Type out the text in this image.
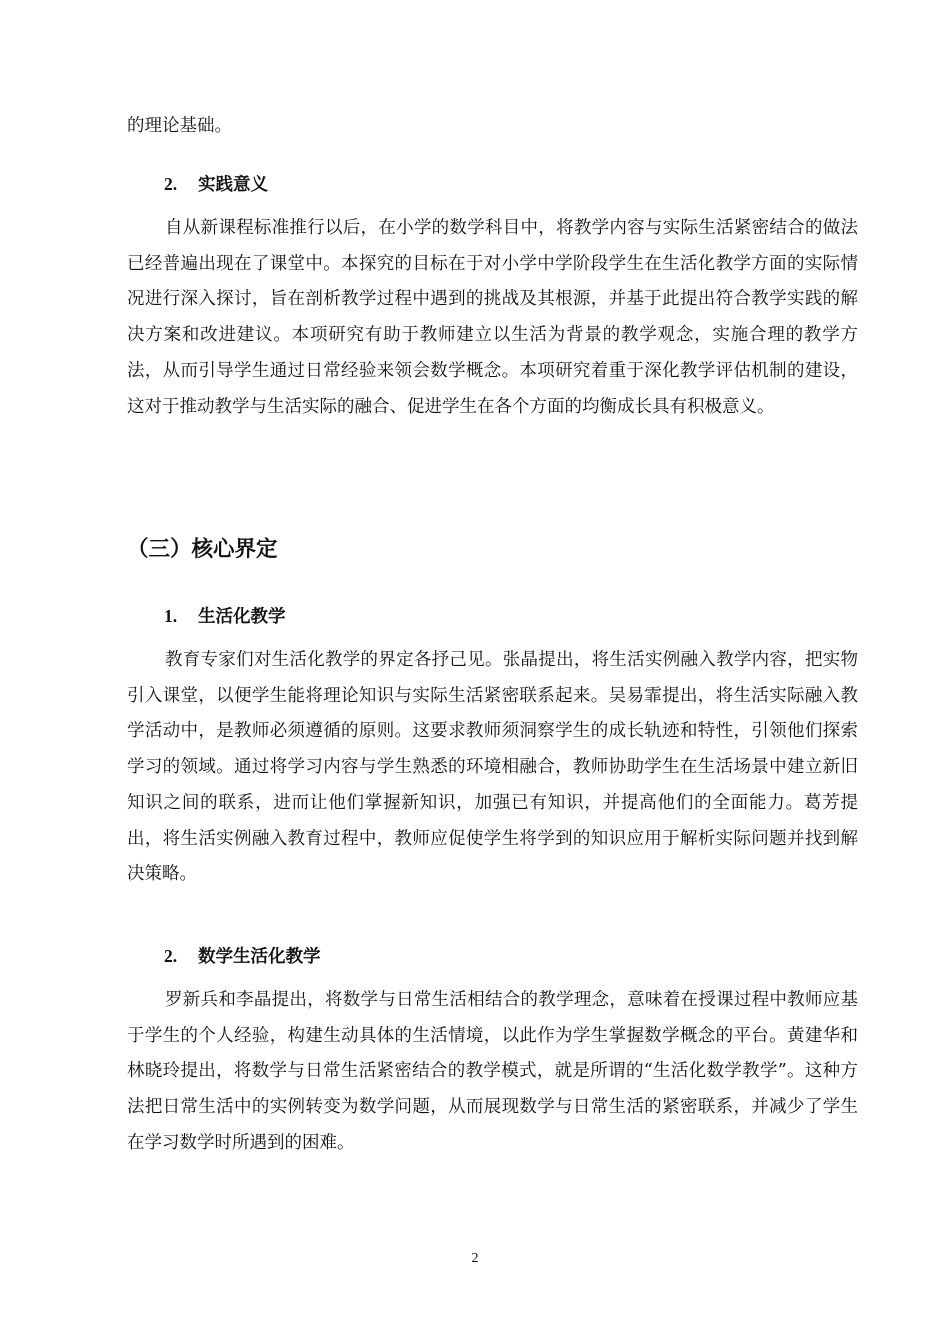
的理论基础。

2. 实践意义

自从新课程标准推行以后，在小学的数学科目中，将教学内容与实际生活紧密结合的做法已经普遍出现在了课堂中。本探究的目标在于对小学中学阶段学生在生活化教学方面的实际情况进行深入探讨，旨在剖析教学过程中遇到的挑战及其根源，并基于此提出符合教学实践的解决方案和改进建议。本项研究有助于教师建立以生活为背景的教学观念，实施合理的教学方法，从而引导学生通过日常经验来领会数学概念。本项研究着重于深化教学评估机制的建设，这对于推动教学与生活实际的融合、促进学生在各个方面的均衡成长具有积极意义。

（三）核心界定
1. 生活化教学

教育专家们对生活化教学的界定各抒己见。张晶提出，将生活实例融入教学内容，把实物引入课堂，以便学生能将理论知识与实际生活紧密联系起来。吴易霏提出，将生活实际融入教学活动中，是教师必须遵循的原则。这要求教师须洞察学生的成长轨迹和特性，引领他们探索学习的领域。通过将学习内容与学生熟悉的环境相融合，教师协助学生在生活场景中建立新旧知识之间的联系，进而让他们掌握新知识，加强已有知识，并提高他们的全面能力。葛芳提出，将生活实例融入教育过程中，教师应促使学生将学到的知识应用于解析实际问题并找到解决策略。

2. 数学生活化教学

罗新兵和李晶提出，将数学与日常生活相结合的教学理念，意味着在授课过程中教师应基于学生的个人经验，构建生动具体的生活情境，以此作为学生掌握数学概念的平台。黄建华和林晓玲提出，将数学与日常生活紧密结合的教学模式，就是所谓的“生活化数学教学”。这种方法把日常生活中的实例转变为数学问题，从而展现数学与日常生活的紧密联系，并减少了学生在学习数学时所遇到的困难。

2
